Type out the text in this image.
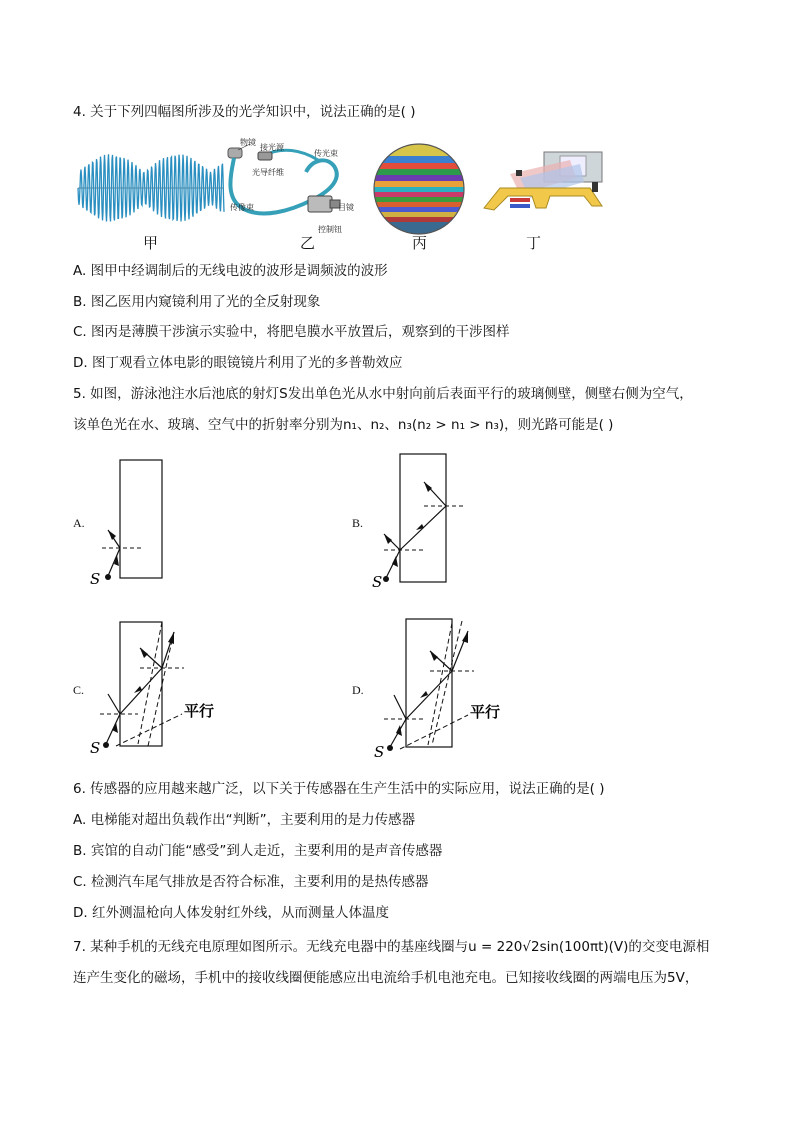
4. 关于下列四幅图所涉及的光学知识中，说法正确的是( )
甲
物镜
接光源
传光束
光导纤维
传像束	目镜
控制钮
乙	丙	丁
A. 图甲中经调制后的无线电波的波形是调频波的波形
B. 图乙医用内窥镜利用了光的全反射现象
C. 图丙是薄膜干涉演示实验中，将肥皂膜水平放置后，观察到的干涉图样
D. 图丁观看立体电影的眼镜镜片利用了光的多普勒效应
5. 如图，游泳池注水后池底的射灯S发出单色光从水中射向前后表面平行的玻璃侧壁，侧壁右侧为空气，
该单色光在水、玻璃、空气中的折射率分别为n₁、n₂、n₃(n₂ > n₁ > n₃)，则光路可能是( )
A.
S
B.
S
C.
S
平行
D.
S
平行
6. 传感器的应用越来越广泛，以下关于传感器在生产生活中的实际应用，说法正确的是( )
A. 电梯能对超出负载作出“判断”，主要利用的是力传感器
B. 宾馆的自动门能“感受”到人走近，主要利用的是声音传感器
C. 检测汽车尾气排放是否符合标准，主要利用的是热传感器
D. 红外测温枪向人体发射红外线，从而测量人体温度
7. 某种手机的无线充电原理如图所示。无线充电器中的基座线圈与u = 220√2sin(100πt)(V)的交变电源相
连产生变化的磁场，手机中的接收线圈便能感应出电流给手机电池充电。已知接收线圈的两端电压为5V，
